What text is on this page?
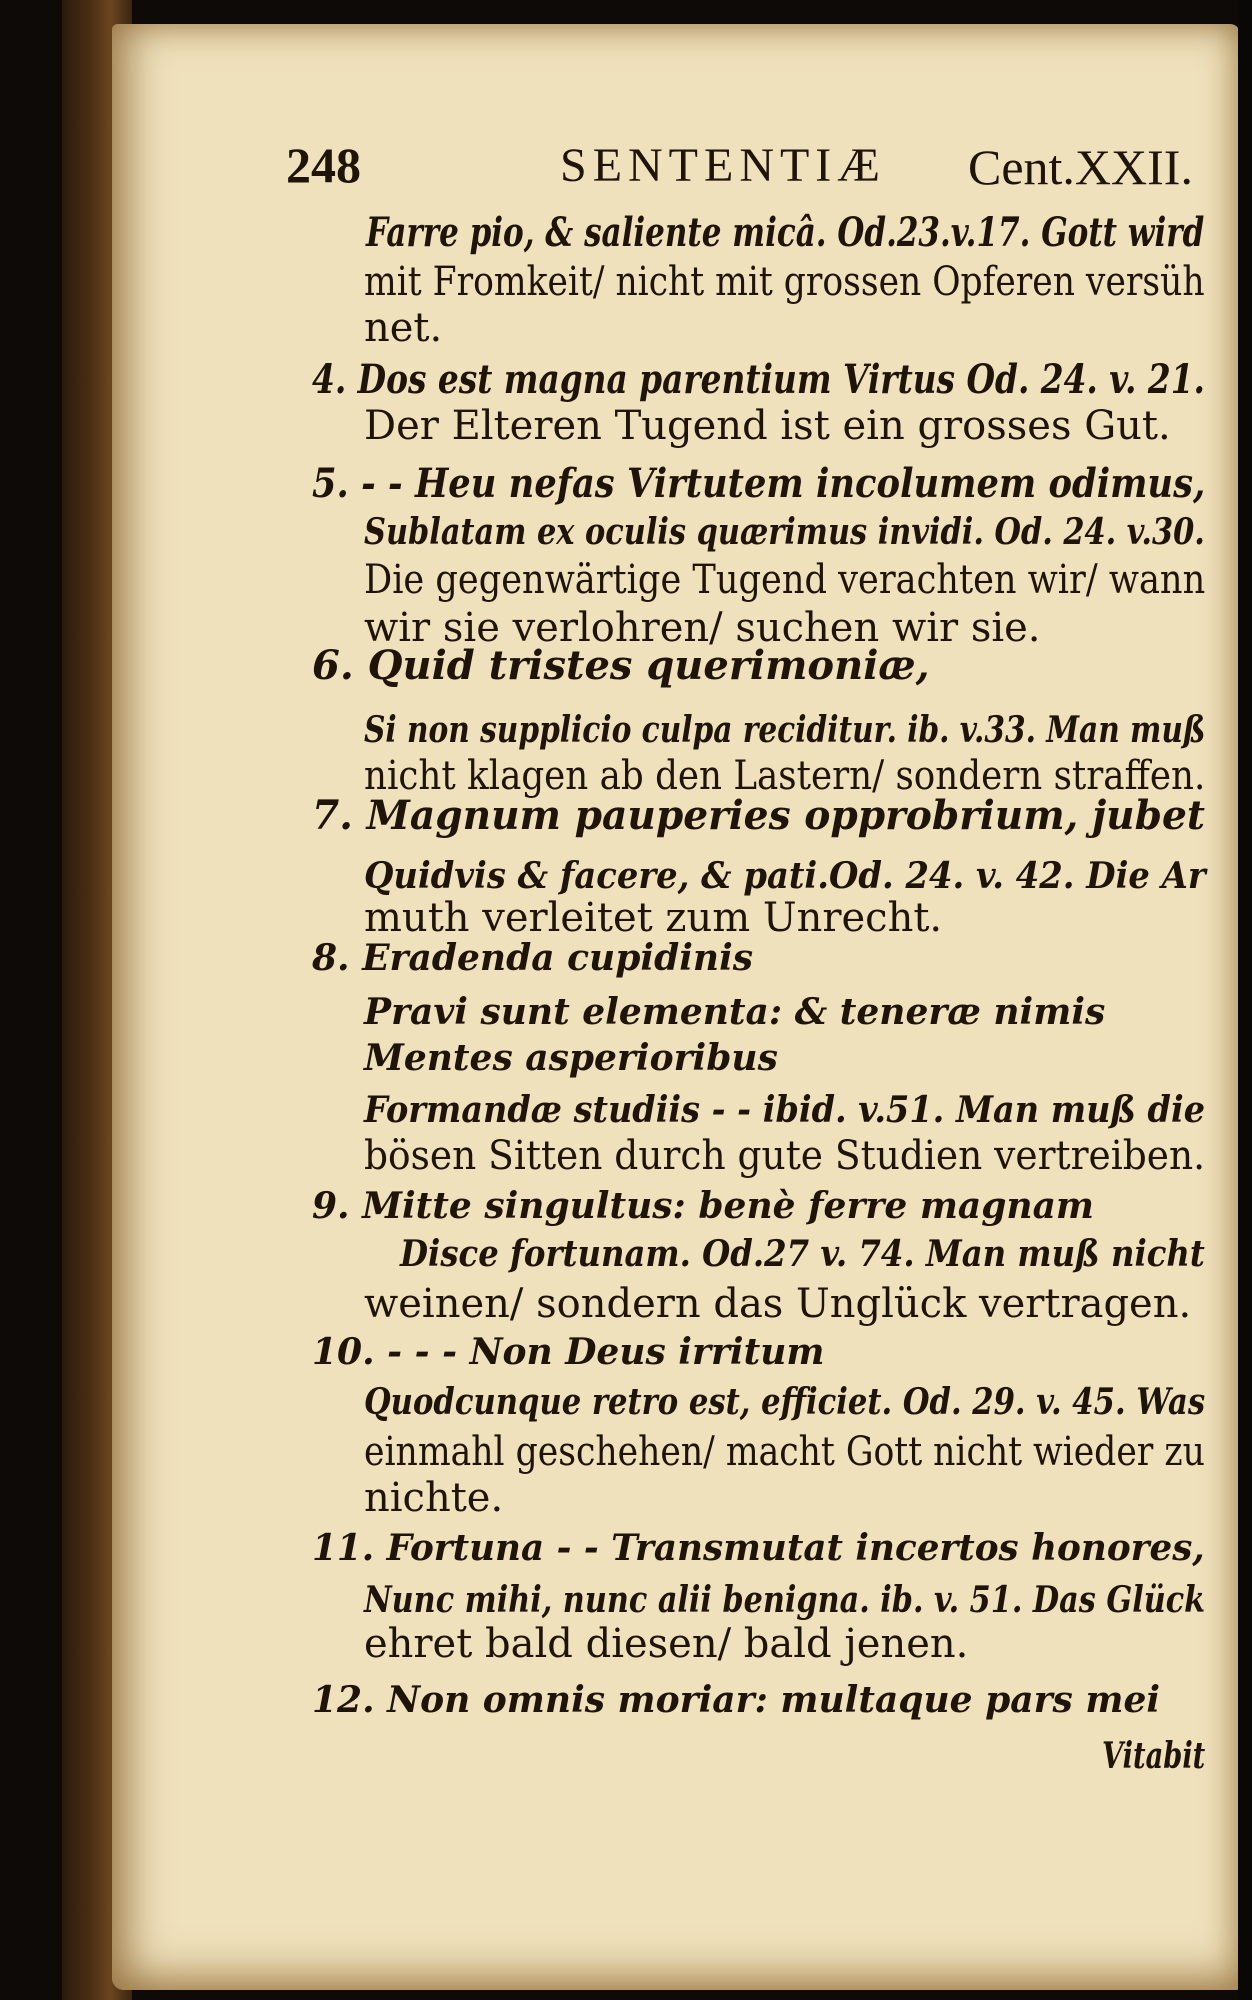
248	SENTENTIÆ Cent.XXII.
Farre pio, & saliente micâ. Od.23.v.17. Gott wird
mit Fromkeit/ nicht mit grossen Opferen versüh
net.
4. Dos est magna parentium Virtus Od. 24. v. 21.
Der Elteren Tugend ist ein grosses Gut.
5. - - Heu nefas Virtutem incolumem odimus,
Sublatam ex oculis quærimus invidi. Od. 24. v.30.
Die gegenwärtige Tugend verachten wir/ wann
wir sie verlohren/ suchen wir sie.
6. Quid tristes querimoniæ,
Si non supplicio culpa reciditur. ib. v.33. Man muß
nicht klagen ab den Lastern/ sondern straffen.
7. Magnum pauperies opprobrium, jubet
Quidvis & facere, & pati.Od. 24. v. 42. Die Ar
muth verleitet zum Unrecht.
8. Eradenda cupidinis
Pravi sunt elementa: & teneræ nimis
Mentes asperioribus
Formandæ studiis - - ibid. v.51. Man muß die
bösen Sitten durch gute Studien vertreiben.
9. Mitte singultus: benè ferre magnam
Disce fortunam. Od.27 v. 74. Man muß nicht
weinen/ sondern das Unglück vertragen.
10. - - - Non Deus irritum
Quodcunque retro est, efficiet. Od. 29. v. 45. Was
einmahl geschehen/ macht Gott nicht wieder zu
nichte.
11. Fortuna - - Transmutat incertos honores,
Nunc mihi, nunc alii benigna. ib. v. 51. Das Glück
ehret bald diesen/ bald jenen.
12. Non omnis moriar: multaque pars mei
Vitabit
